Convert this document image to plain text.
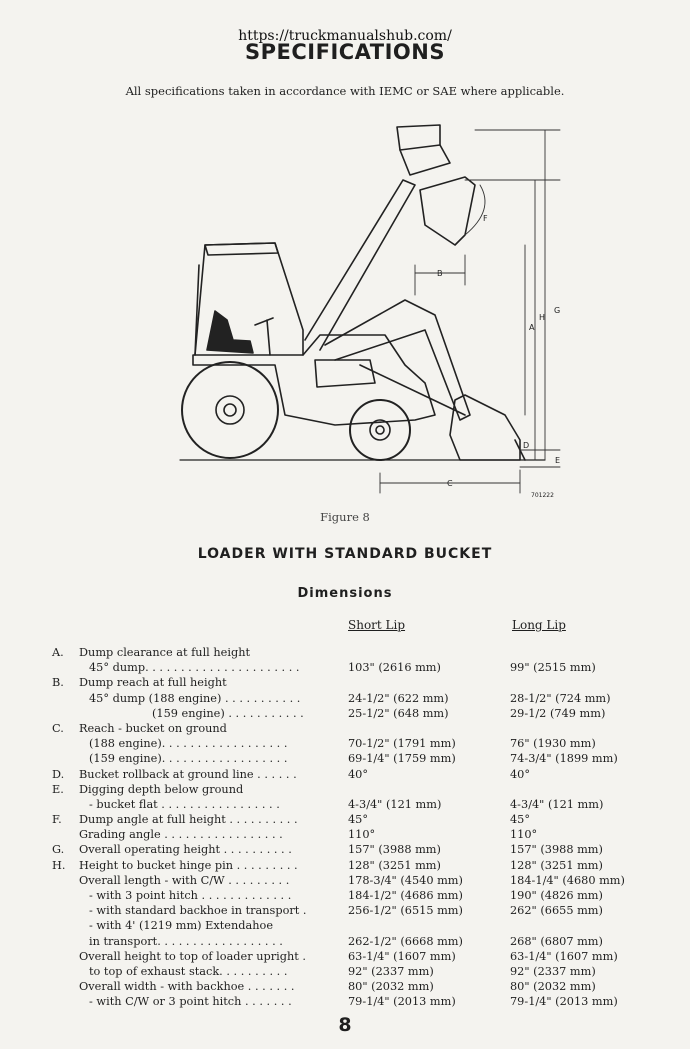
https://truckmanualshub.com/
SPECIFICATIONS
All specifications taken in accordance with IEMC or SAE where applicable.
A
B
C
D
E
F
G
H
701222
Figure 8
LOADER WITH STANDARD BUCKET
Dimensions
Short Lip	Long Lip
A. Dump clearance at full height
45° dump. . . . . . . . . . . . . . . . . . . . . .	103" (2616 mm)	99" (2515 mm)
B. Dump reach at full height
45° dump (188 engine) . . . . . . . . . . .	24-1/2" (622 mm)	28-1/2" (724 mm)
(159 engine) . . . . . . . . . . .	25-1/2" (648 mm)	29-1/2 (749 mm)
C. Reach - bucket on ground
(188 engine). . . . . . . . . . . . . . . . . .	70-1/2" (1791 mm)	76" (1930 mm)
(159 engine). . . . . . . . . . . . . . . . . .	69-1/4" (1759 mm)	74-3/4" (1899 mm)
D. Bucket rollback at ground line . . . . . .	40°	40°
E. Digging depth below ground
- bucket flat . . . . . . . . . . . . . . . . .	4-3/4" (121 mm)	4-3/4" (121 mm)
F. Dump angle at full height . . . . . . . . . .	45°	45°
Grading angle . . . . . . . . . . . . . . . . .	110°	110°
G. Overall operating height . . . . . . . . . .	157" (3988 mm)	157" (3988 mm)
H. Height to bucket hinge pin . . . . . . . . .	128" (3251 mm)	128" (3251 mm)
Overall length - with C/W . . . . . . . . .	178-3/4" (4540 mm)	184-1/4" (4680 mm)
- with 3 point hitch . . . . . . . . . . . . .	184-1/2" (4686 mm)	190" (4826 mm)
- with standard backhoe in transport .	256-1/2" (6515 mm)	262" (6655 mm)
- with 4' (1219 mm) Extendahoe
in transport. . . . . . . . . . . . . . . . . .	262-1/2" (6668 mm)	268" (6807 mm)
Overall height to top of loader upright .	63-1/4" (1607 mm)	63-1/4" (1607 mm)
to top of exhaust stack. . . . . . . . . .	92" (2337 mm)	92" (2337 mm)
Overall width - with backhoe . . . . . . .	80" (2032 mm)	80" (2032 mm)
- with C/W or 3 point hitch . . . . . . .	79-1/4" (2013 mm)	79-1/4" (2013 mm)
8
